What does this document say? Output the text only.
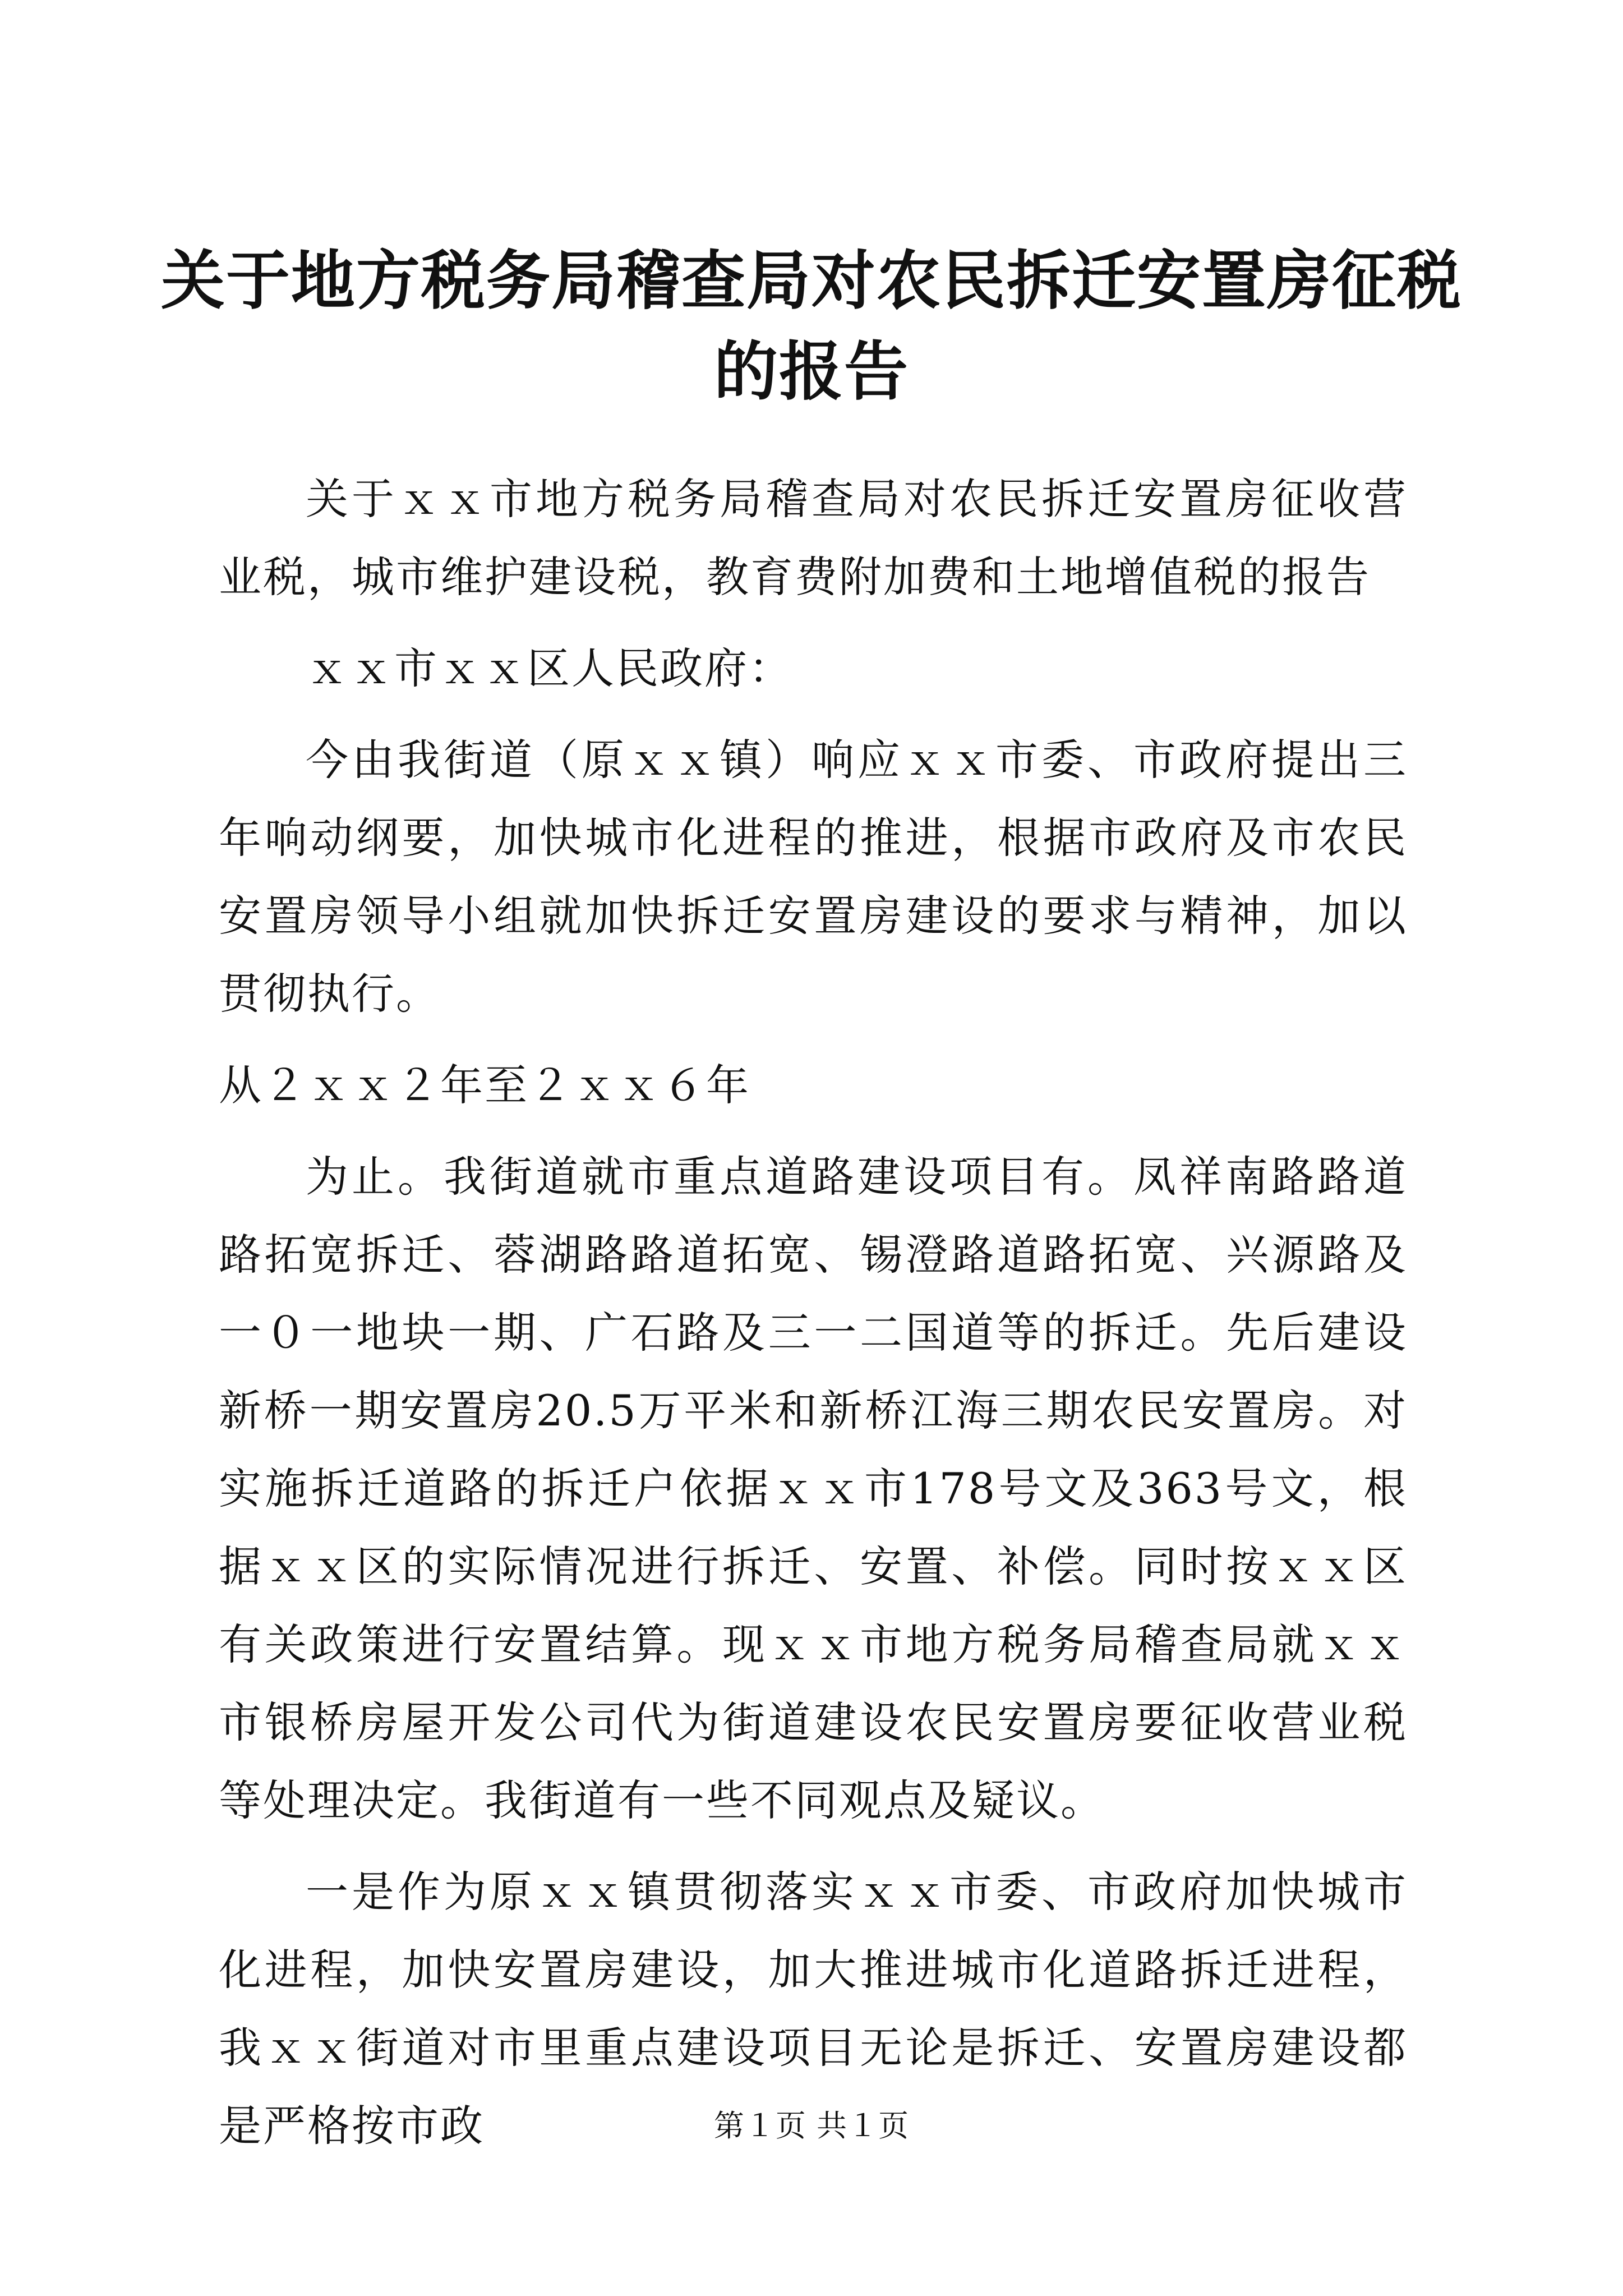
关于地方税务局稽查局对农民拆迁安置房征税
的报告

关于ｘｘ市地方税务局稽查局对农民拆迁安置房征收营业税，城市维护建设税，教育费附加费和土地增值税的报告

ｘｘ市ｘｘ区人民政府：

今由我街道（原ｘｘ镇）响应ｘｘ市委、市政府提出三年响动纲要，加快城市化进程的推进，根据市政府及市农民安置房领导小组就加快拆迁安置房建设的要求与精神，加以贯彻执行。

从２ｘｘ２年至２ｘｘ６年

为止。我街道就市重点道路建设项目有。凤祥南路路道路拓宽拆迁、蓉湖路路道拓宽、锡澄路道路拓宽、兴源路及一０一地块一期、广石路及三一二国道等的拆迁。先后建设新桥一期安置房20.5万平米和新桥江海三期农民安置房。对实施拆迁道路的拆迁户依据ｘｘ市178号文及363号文，根据ｘｘ区的实际情况进行拆迁、安置、补偿。同时按ｘｘ区有关政策进行安置结算。现ｘｘ市地方税务局稽查局就ｘｘ市银桥房屋开发公司代为街道建设农民安置房要征收营业税等处理决定。我街道有一些不同观点及疑议。

一是作为原ｘｘ镇贯彻落实ｘｘ市委、市政府加快城市化进程，加快安置房建设，加大推进城市化道路拆迁进程，我ｘｘ街道对市里重点建设项目无论是拆迁、安置房建设都是严格按市政	第１页 共１页
